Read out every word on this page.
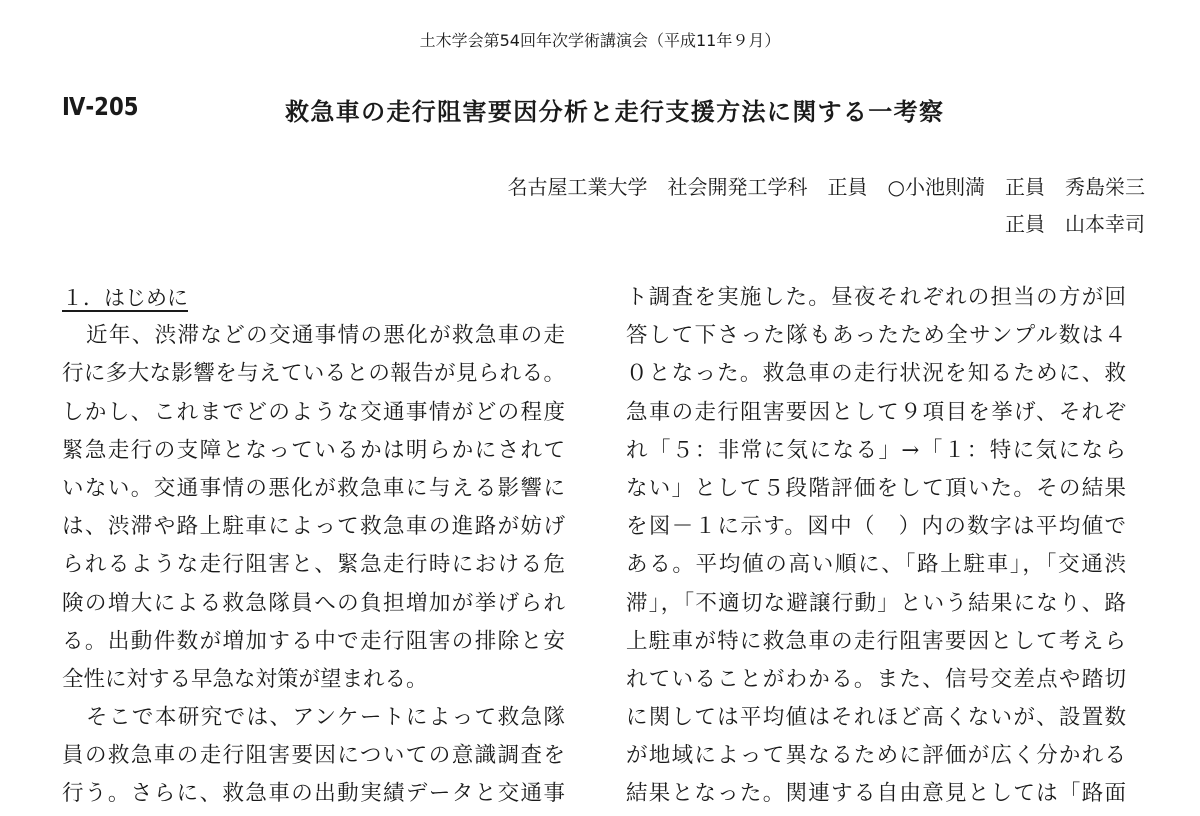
土木学会第54回年次学術講演会（平成11年９月）
Ⅳ-205	救急車の走行阻害要因分析と走行支援方法に関する一考察
名古屋工業大学　社会開発工学科　正員　○小池則満　正員　秀島栄三
正員　山本幸司
１．はじめに
近年、渋滞などの交通事情の悪化が救急車の走
行に多大な影響を与えているとの報告が見られる。
しかし、これまでどのような交通事情がどの程度
緊急走行の支障となっているかは明らかにされて
いない。交通事情の悪化が救急車に与える影響に
は、渋滞や路上駐車によって救急車の進路が妨げ
られるような走行阻害と、緊急走行時における危
険の増大による救急隊員への負担増加が挙げられ
る。出動件数が増加する中で走行阻害の排除と安
全性に対する早急な対策が望まれる。
そこで本研究では、アンケートによって救急隊
員の救急車の走行阻害要因についての意識調査を
行う。さらに、救急車の出動実績データと交通事
ト調査を実施した。昼夜それぞれの担当の方が回
答して下さった隊もあったため全サンプル数は４
０となった。救急車の走行状況を知るために、救
急車の走行阻害要因として９項目を挙げ、それぞ
れ「５：非常に気になる」→「１：特に気になら
ない」として５段階評価をして頂いた。その結果
を図－１に示す。図中（　）内の数字は平均値で
ある。平均値の高い順に、「路上駐車」，「交通渋
滞」，「不適切な避譲行動」という結果になり、路
上駐車が特に救急車の走行阻害要因として考えら
れていることがわかる。また、信号交差点や踏切
に関しては平均値はそれほど高くないが、設置数
が地域によって異なるために評価が広く分かれる
結果となった。関連する自由意見としては「路面
